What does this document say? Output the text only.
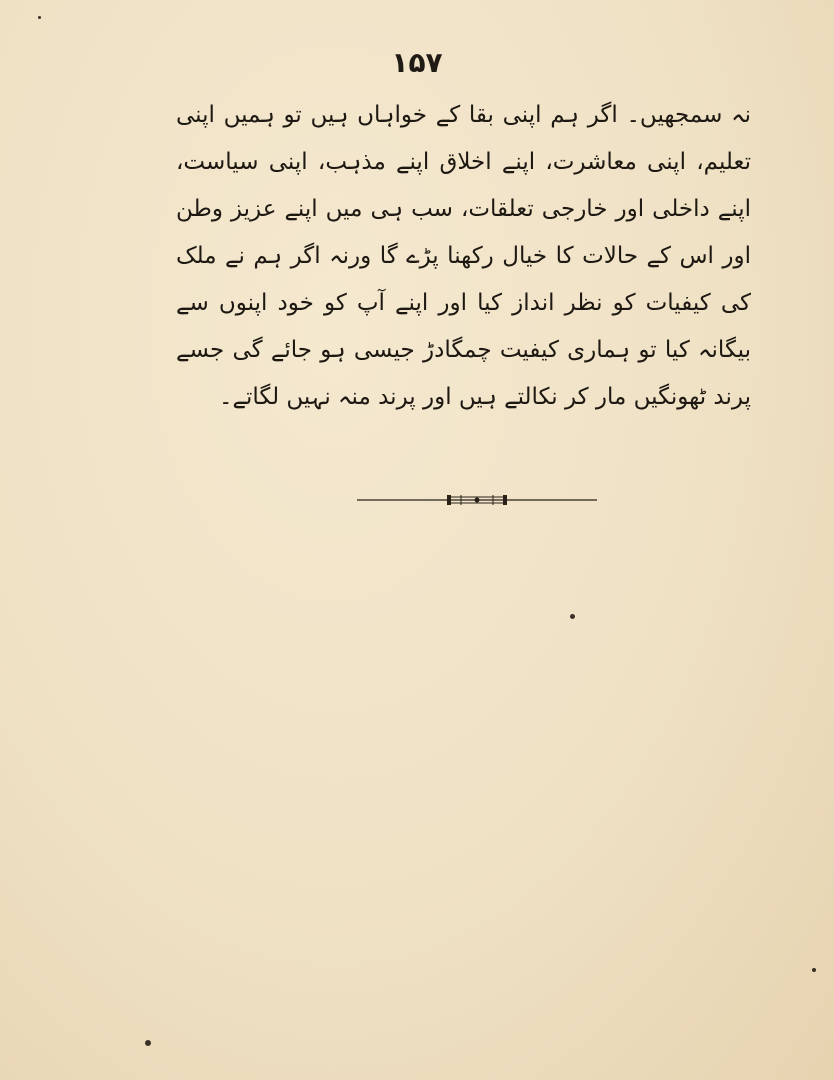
۱۵۷
نہ سمجھیں۔ اگر ہم اپنی بقا کے خواہاں ہیں تو ہمیں اپنی تعلیم، اپنی معاشرت، اپنے اخلاق اپنے مذہب، اپنی سیاست، اپنے داخلی اور خارجی تعلقات، سب ہی میں اپنے عزیز وطن اور اس کے حالات کا خیال رکھنا پڑے گا ورنہ اگر ہم نے ملک کی کیفیات کو نظر انداز کیا اور اپنے آپ کو خود اپنوں سے بیگانہ کیا تو ہماری کیفیت چمگادڑ جیسی ہو جائے گی جسے پرند ٹھونگیں مار کر نکالتے ہیں اور پرند منہ نہیں لگاتے۔
